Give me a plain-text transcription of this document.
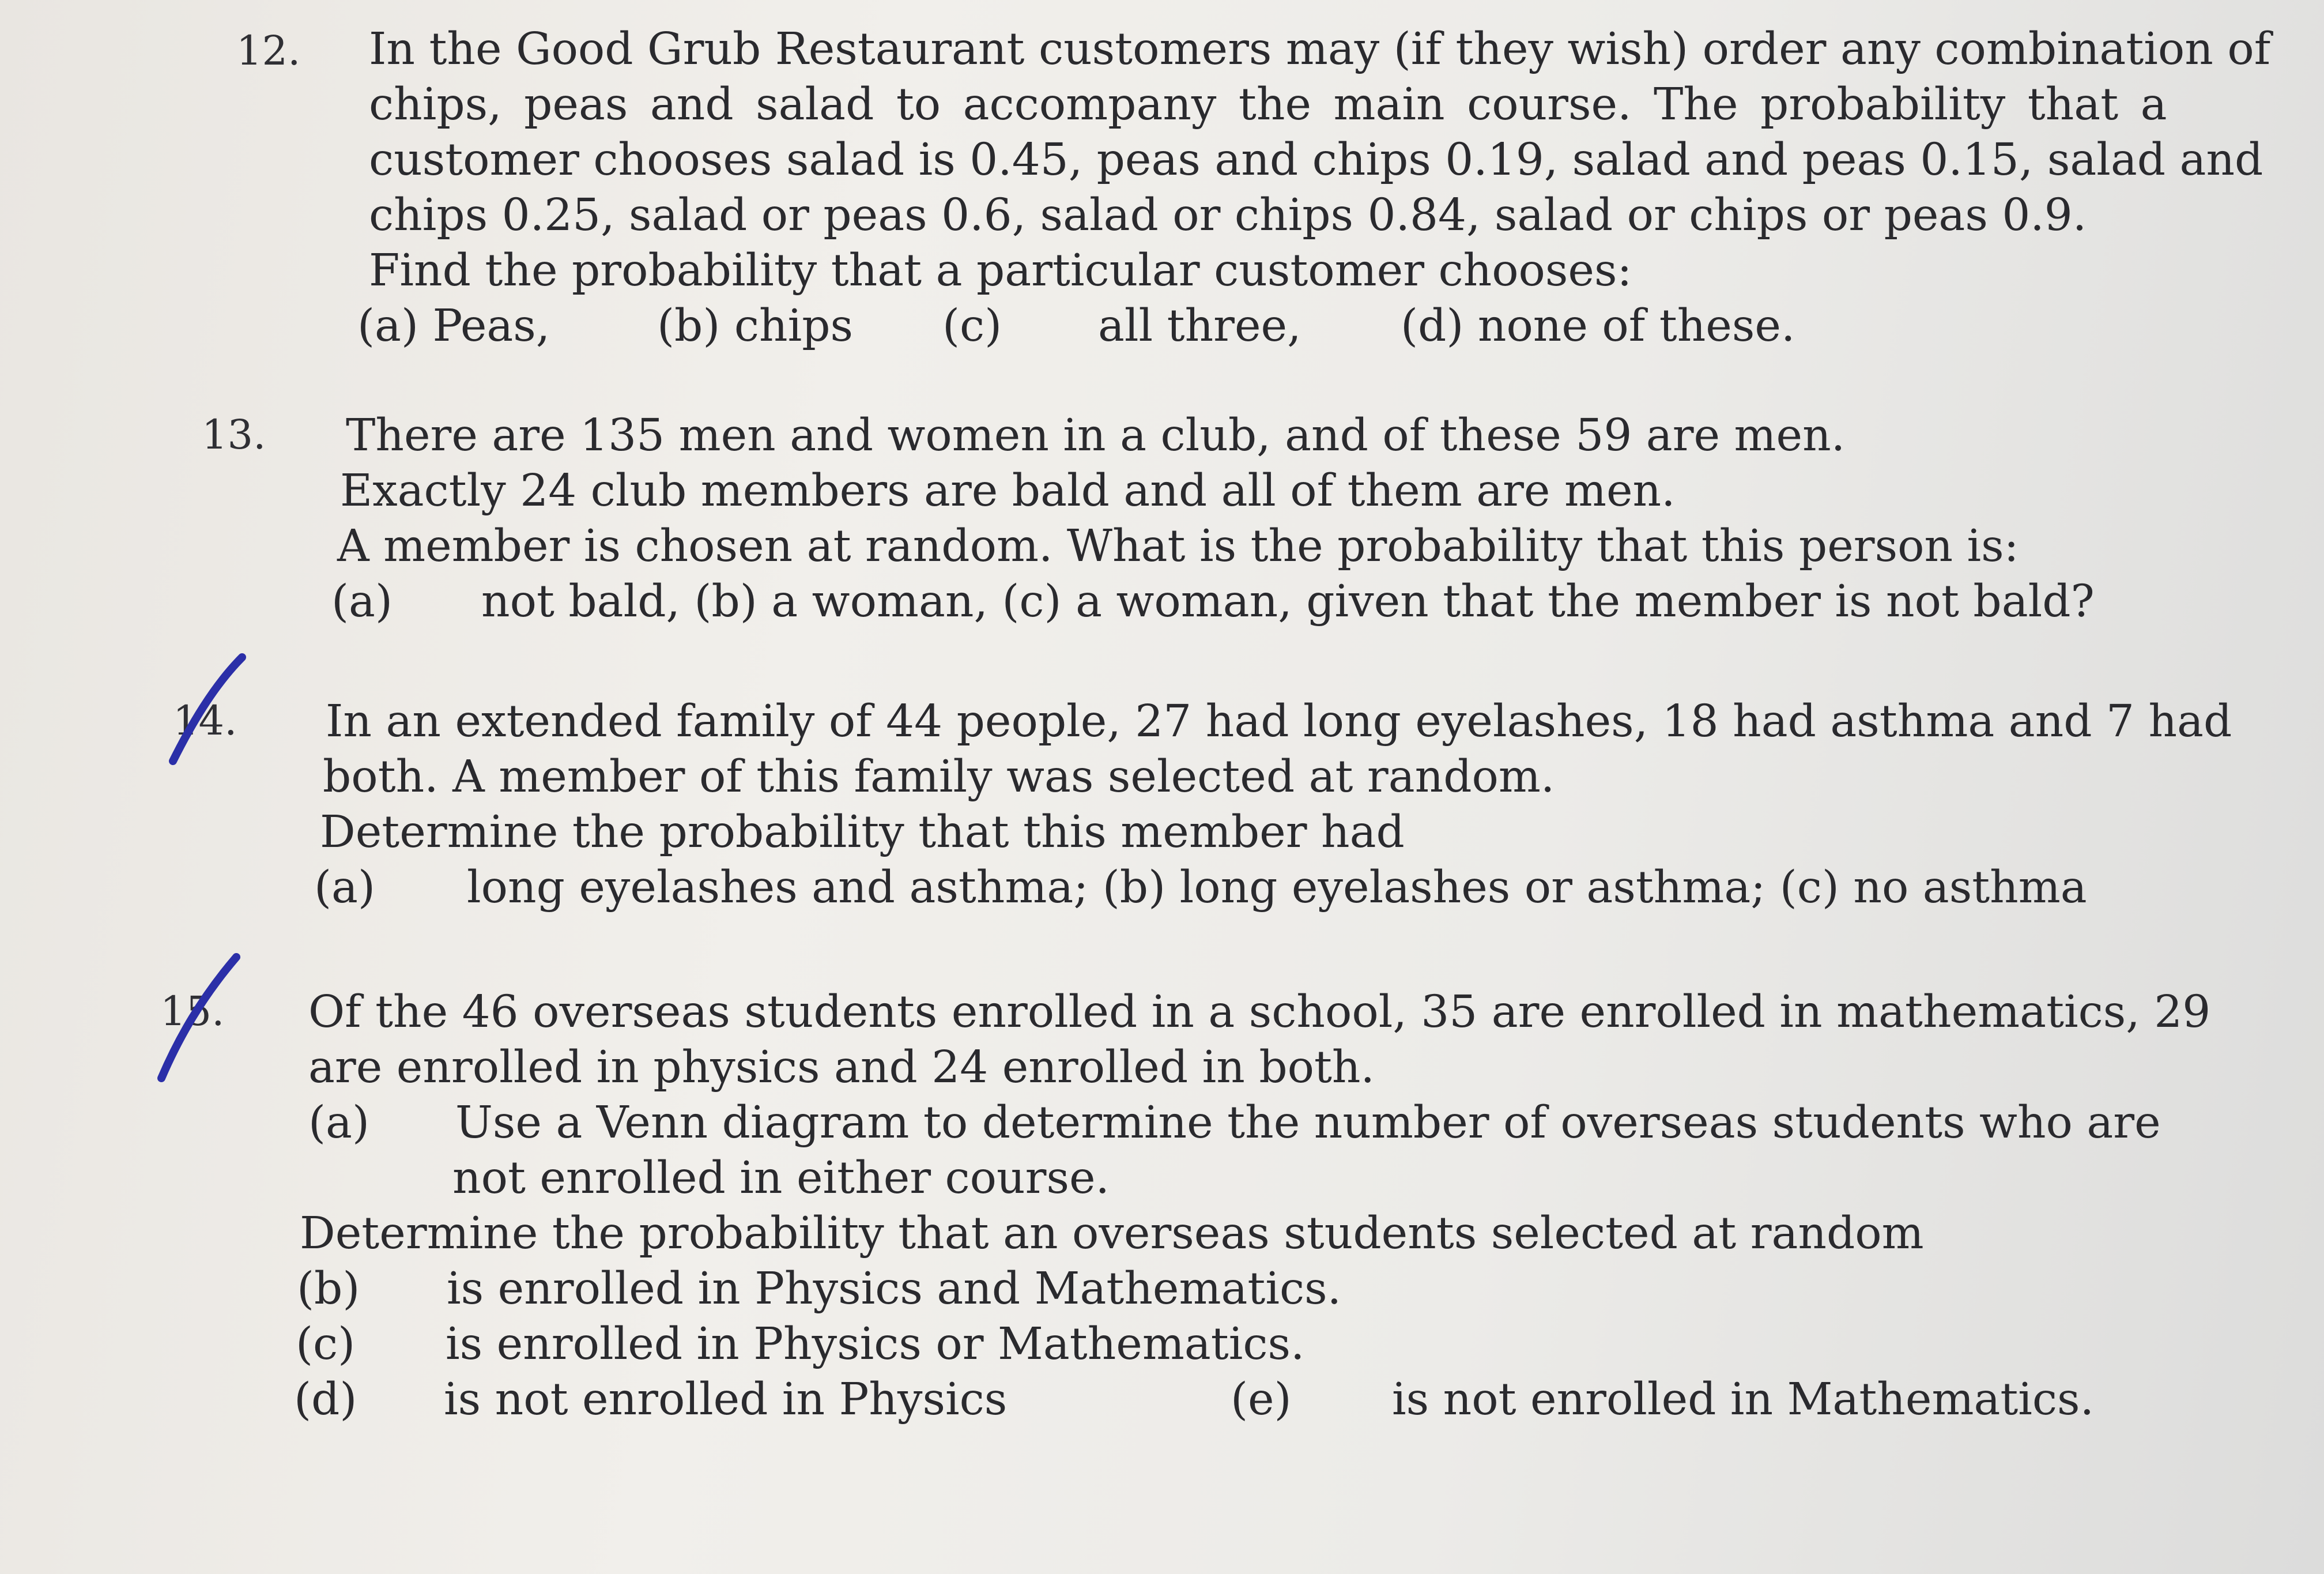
12. In the Good Grub Restaurant customers may (if they wish) order any combination of
chips, peas and salad to accompany the main course. The probability that a
customer chooses salad is 0.45, peas and chips 0.19, salad and peas 0.15, salad and
chips 0.25, salad or peas 0.6, salad or chips 0.84, salad or chips or peas 0.9.
Find the probability that a particular customer chooses:
(a) Peas, (b) chips (c) all three, (d) none of these.
13. There are 135 men and women in a club, and of these 59 are men.
Exactly 24 club members are bald and all of them are men.
A member is chosen at random. What is the probability that this person is:
(a) not bald, (b) a woman, (c) a woman, given that the member is not bald?
14. In an extended family of 44 people, 27 had long eyelashes, 18 had asthma and 7 had
both. A member of this family was selected at random.
Determine the probability that this member had
(a) long eyelashes and asthma; (b) long eyelashes or asthma; (c) no asthma
15. Of the 46 overseas students enrolled in a school, 35 are enrolled in mathematics, 29
are enrolled in physics and 24 enrolled in both.
(a) Use a Venn diagram to determine the number of overseas students who are
not enrolled in either course.
Determine the probability that an overseas students selected at random
(b) is enrolled in Physics and Mathematics.
(c) is enrolled in Physics or Mathematics.
(d) is not enrolled in Physics	(e) is not enrolled in Mathematics.
